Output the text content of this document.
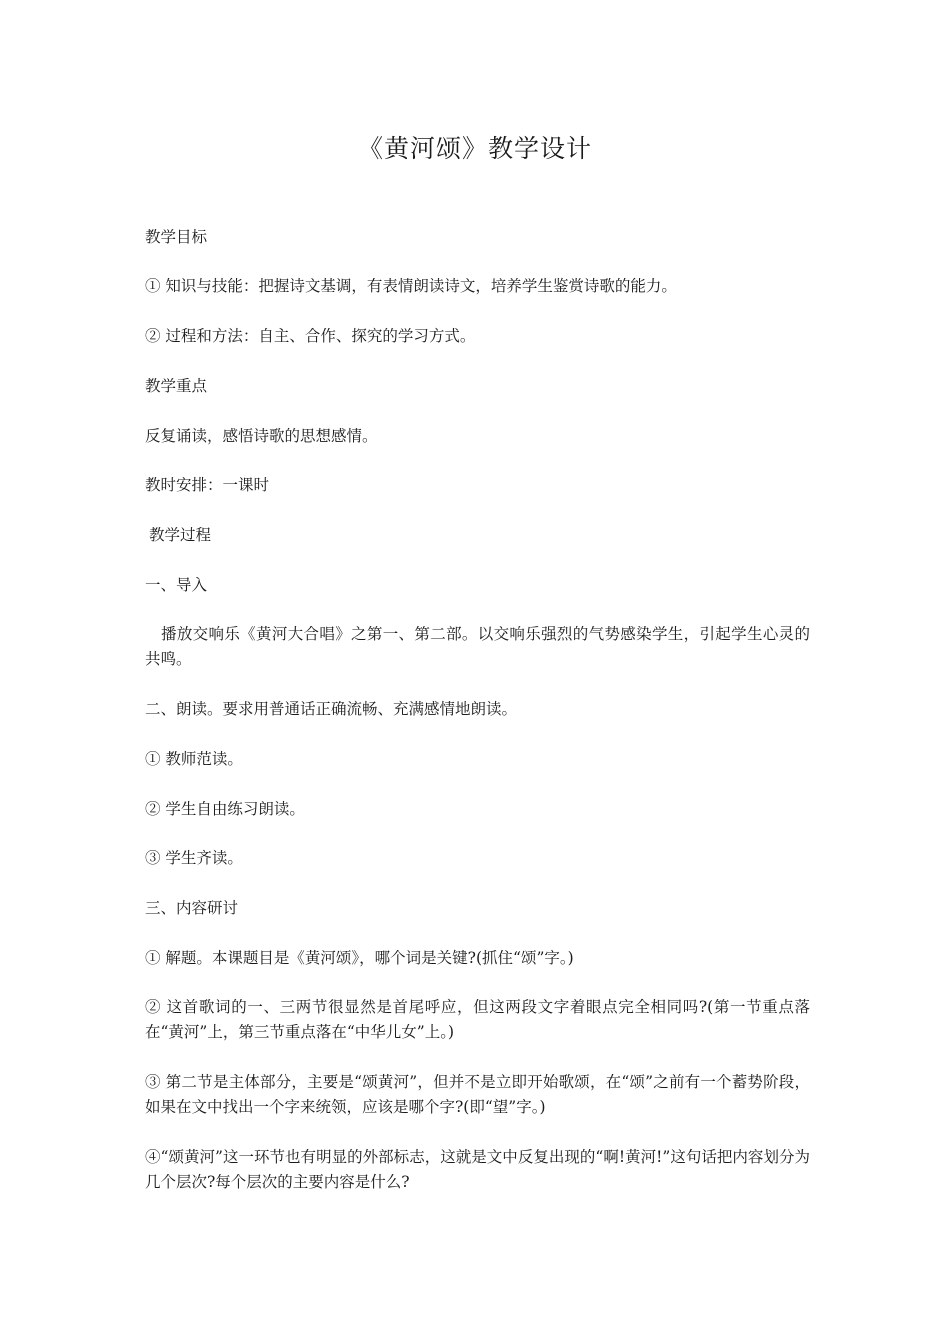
《黄河颂》教学设计
教学目标
① 知识与技能：把握诗文基调，有表情朗读诗文，培养学生鉴赏诗歌的能力。
② 过程和方法：自主、合作、探究的学习方式。
教学重点
反复诵读，感悟诗歌的思想感情。
教时安排：一课时
教学过程
一、导入
播放交响乐《黄河大合唱》之第一、第二部。以交响乐强烈的气势感染学生，引起学生心灵的共鸣。
二、朗读。要求用普通话正确流畅、充满感情地朗读。
① 教师范读。
② 学生自由练习朗读。
③ 学生齐读。
三、内容研讨
① 解题。本课题目是《黄河颂》，哪个词是关键?(抓住“颂”字。)
② 这首歌词的一、三两节很显然是首尾呼应，但这两段文字着眼点完全相同吗?(第一节重点落在“黄河”上，第三节重点落在“中华儿女”上。)
③ 第二节是主体部分，主要是“颂黄河”，但并不是立即开始歌颂，在“颂”之前有一个蓄势阶段，如果在文中找出一个字来统领，应该是哪个字?(即“望”字。)
④“颂黄河”这一环节也有明显的外部标志，这就是文中反复出现的“啊!黄河!”这句话把内容划分为几个层次?每个层次的主要内容是什么?
